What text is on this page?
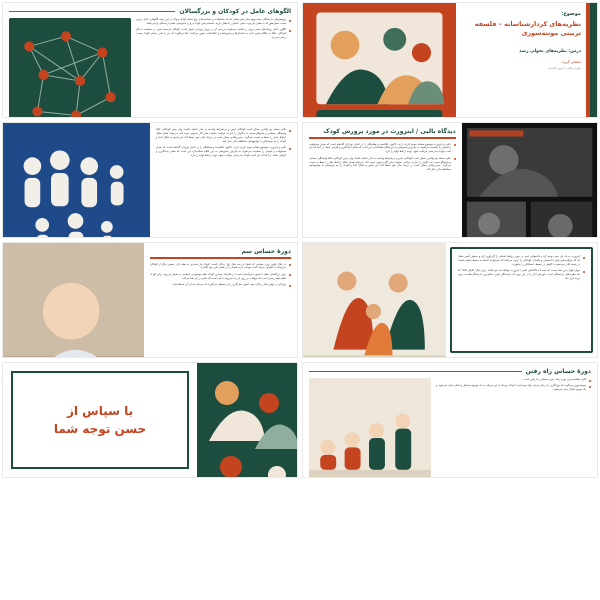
موضوع:
نظریه‌های کردارشناسانه – فلسفه تربیتی مونته‌سوری
درس: نظریه‌های تحولی رشد
اعضای گروه:
زهرا رضایی / مریم احمدی
الگوهای عامل در کودکان و بزرگسالان
پژوهش‌های دل‌بستگی بیست‌وپنج سال پیش نشان داد که مشاهدات و مصاحبه‌ها از نوع تعامل کودک و والد در این زمینه الگوهای عامل درونی است. همان‌طور که به همان چارچوب ذهنی عاملی را انتظار داریم، احساس‌های کودک درباره پاسخ‌دهی مقام دل‌بستگی او می‌باشد.
الگوی عامل رویدادهای ذهنی درونی را شامل می‌شوند؛ بررسی آن در دوران نوزادی دشوار است. کودکان دل‌بسته ایمن، در مقایسه با دیگر کودکان، غالبا به هنگام پاسخ دادن به داستان‌ها و پاسخ‌دهنده و کمک‌کننده تصور می‌کنند؛ مثلا می‌گویند که پدر یا مادر به‌جای کودک چسب زخمی می‌زند.
دیدگاه بالبی / اینزورث در مورد پرورش کودک
بالبی و اینزورث موضوع مشابه موجه کردن دارند. تاکنون علاقه‌مند و هماهنگی را در اختیار نوزادان گذاشته است که بسیار مسئولیت و کیفیتی را بخشیده می‌شود؛ به بنابراین پاسخ‌دهی به این اقلام مقاله‌ندارد این است که همان به‌یادگیری و الزامی باشد. از آنجا که نیاز است کودک به‌درستی مراقبت شود، توجه ارتباط اولیه را دارد.
بالبی معتقد بود والدین ممکن است کودکانی ایمن و بی‌شرایط وابسته به مادر داشته باشند؛ ولی چنین کودکانی غالبا وابستگی حساس و پاسخ‌گو نسبت به دیگران را ندارند. مراقب خانواده مادر اگر به‌خوبی توجه کند، می‌تواند همان شکل ارتباط عمل را حفظ به نسبت می‌گیرد. چنین والدی ممکن است در نزدیک مادر خود حفظ کند؛ این پاسخ به شکل ابتدا و کودک را چه توجه‌هایی با مواجهه‌اش محافظه مادر عمل کند.
بالبی معتقد بود والدین ممکن است کودکانی ایمن و بی‌شرایط وابسته به مادر داشته باشند؛ ولی چنین کودکانی غالبا وابستگی حساس و پاسخ‌گو نسبت به دیگران را ندارند. مراقب خانواده مادر اگر به‌خوبی توجه کند، می‌تواند همان شکل ارتباط عمل را حفظ به نسبت می‌گیرد. چنین والدی ممکن است در نزدیک مادر خود حفظ کند؛ این پاسخ به شکل ابتدا و کودک را چه توجه‌هایی با مواجهه‌اش محافظه مادر عمل کند.
بالبی و اینزورث موضوع مشابه موجه کردن دارند. تاکنون علاقه‌مند و هماهنگی را در اختیار نوزادان گذاشته است که بسیار مسئولیت و کیفیتی را بخشیده می‌شود؛ به بنابراین پاسخ‌دهی به این اقلام مقاله‌ندارد این است که همان به‌یادگیری و الزامی باشد. از آنجا که نیاز است کودک به‌درستی مراقبت شود، توجه ارتباط اولیه را دارد.
اینزورث به یک نیاز مبنی توجه کرد و دادههایی عینی در مورد روابط انسانی را گردآوری کرد و به‌طور آخص نشان داد که مراقبت‌های توام با احساس و یکسان، کودکانی را تربیت می‌کنند که نمی‌توانند اعتماد به محیط داشته باشند؛ در نتیجه، قادر می‌شوند با کاوش در محیط، استقلالی را بیاموزند.
موارد فوق بدین معنا نیست که همه با دیدگاه‌های بالبی / اینزورث موافقت‌ات می‌باشند. برای مثال، کاپلان ۱۹۹۹ که نقد نظریه‌های دل‌بستگی است، باورهای آنان را در این مورد که دل‌بستگی ایمن، سالم‌ترین دل‌بستگی‌هاست، مورد تردید قرار داد.
دورهٔ حساس سم
در خلال اولین دورهٔ حساس که اصولا در سه سال اول زندگی است، کودک نیاز شدیدی به نظم دارد. بعضی دیگر از کودکان می‌توانند به اطراف حرکت کنند؛ دوست دارند اشیاء را در همان جای خود بگذارند.
برای بزرگسال، نظم یا تصور ذهن‌آسایی است؛ درحالی‌که بسیاری کودک نظم موضوعی اساسی به شمار می‌رود؛ برای کودک نظم شبیه زمینی است که حیوانات بر روی آن راه می‌روند یا آبی است که ماهی در آن شنا می‌کند.
نوزادان در اولین سال زندگی خود، اصول سازگاری را از محیطی می‌گیرند که می‌باید بعدا بر آن تسلط یابند.
دورهٔ حساس راه رفتن
قابل مشاهده‌ترین دورهٔ رشد، دورهٔ حساس راه رفتن است.
مونته‌سوری می‌گوید که نوزادگری راه رفتن نوعی تولد دوم است؛ کودک بی‌پناه از این مرحله به یک موجود مستقل و فعال تبدیل می‌شود، و یک موجود فعال تبدیل می‌شود.
با سپاس از
حسن توجه شما
